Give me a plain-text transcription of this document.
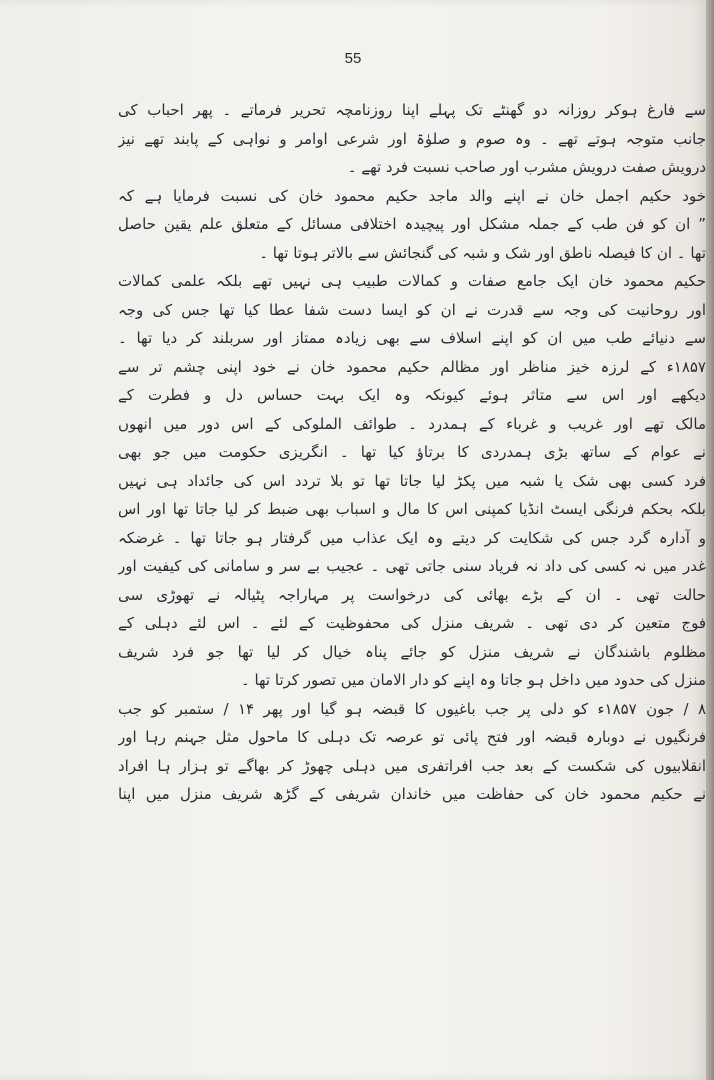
55
سے فارغ ہوکر روزانہ دو گھنٹے تک پہلے اپنا روزنامچہ تحریر فرماتے ۔ پھر احباب کی
جانب متوجہ ہوتے تھے ۔ وہ صوم و صلوٰۃ اور شرعی اوامر و نواہی کے پابند تھے نیز
درویش صفت درویش مشرب اور صاحب نسبت فرد تھے ۔
خود حکیم اجمل خان نے اپنے والد ماجد حکیم محمود خان کی نسبت فرمایا ہے کہ
” ان کو فن طب کے جملہ مشکل اور پیچیدہ اختلافی مسائل کے متعلق علم یقین حاصل
تھا ۔ ان کا فیصلہ ناطق اور شک و شبہ کی گنجائش سے بالاتر ہوتا تھا ۔
حکیم محمود خان ایک جامع صفات و کمالات طبیب ہی نہیں تھے بلکہ علمی کمالات
اور روحانیت کی وجہ سے قدرت نے ان کو ایسا دست شفا عطا کیا تھا جس کی وجہ
سے دنیائے طب میں ان کو اپنے اسلاف سے بھی زیادہ ممتاز اور سربلند کر دیا تھا ۔
۱۸۵۷ء کے لرزہ خیز مناظر اور مظالم حکیم محمود خان نے خود اپنی چشم تر سے
دیکھے اور اس سے متاثر ہوئے کیونکہ وہ ایک بہت حساس دل و فطرت کے
مالک تھے اور غریب و غرباء کے ہمدرد ۔ طوائف الملوکی کے اس دور میں انھوں
نے عوام کے ساتھ بڑی ہمدردی کا برتاؤ کیا تھا ۔ انگریزی حکومت میں جو بھی
فرد کسی بھی شک یا شبہ میں پکڑ لیا جاتا تھا تو بلا تردد اس کی جائداد ہی نہیں
بلکہ بحکم فرنگی ایسٹ انڈیا کمپنی اس کا مال و اسباب بھی ضبط کر لیا جاتا تھا اور اس
و آدارہ گرد جس کی شکایت کر دیتے وہ ایک عذاب میں گرفتار ہو جاتا تھا ۔ غرضکہ
غدر میں نہ کسی کی داد نہ فریاد سنی جاتی تھی ۔ عجیب بے سر و سامانی کی کیفیت اور
حالت تھی ۔ ان کے بڑے بھائی کی درخواست پر مہاراجہ پٹیالہ نے تھوڑی سی
فوج متعین کر دی تھی ۔ شریف منزل کی محفوظیت کے لئے ۔ اس لئے دہلی کے
مظلوم باشندگان نے شریف منزل کو جائے پناہ خیال کر لیا تھا جو فرد شریف
منزل کی حدود میں داخل ہو جاتا وہ اپنے کو دار الامان میں تصور کرتا تھا ۔
۸ / جون ۱۸۵۷ء کو دلی پر جب باغیوں کا قبضہ ہو گیا اور پھر ۱۴ / ستمبر کو جب
فرنگیوں نے دوبارہ قبضہ اور فتح پائی تو عرصہ تک دہلی کا ماحول مثل جہنم رہا اور
انقلابیوں کی شکست کے بعد جب افراتفری میں دہلی چھوڑ کر بھاگے تو ہزار ہا افراد
نے حکیم محمود خان کی حفاظت میں خاندان شریفی کے گڑھ شریف منزل میں اپنا
